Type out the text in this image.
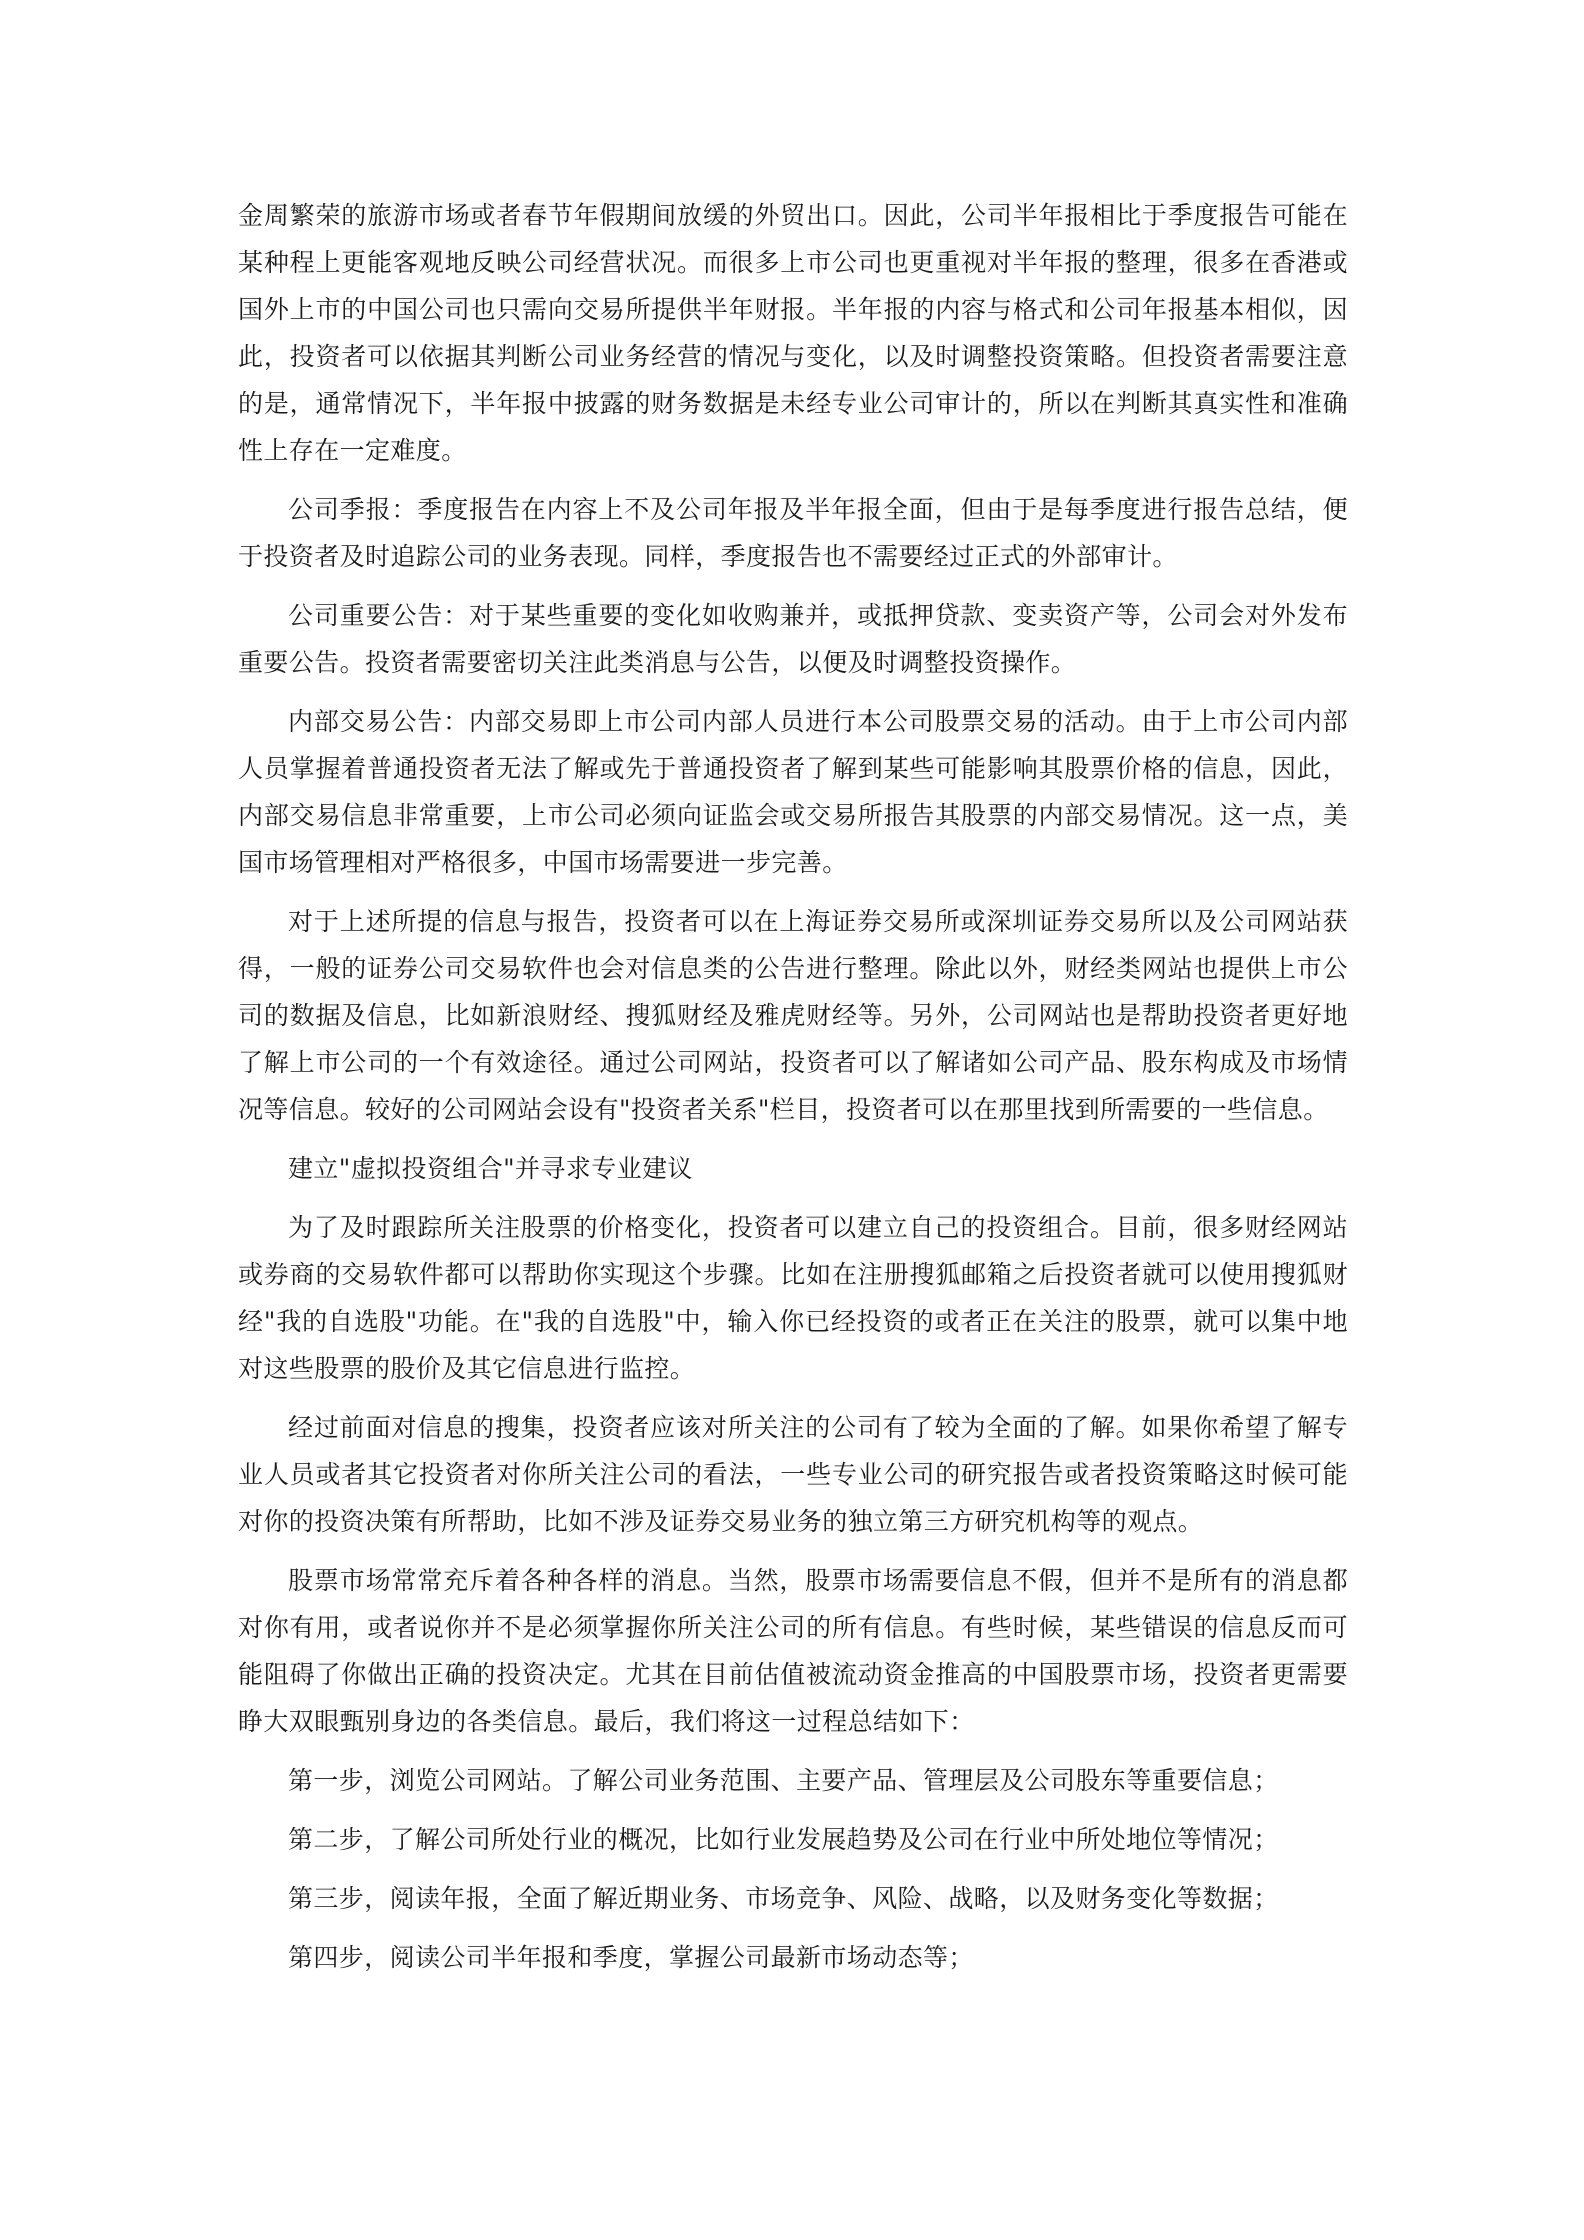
金周繁荣的旅游市场或者春节年假期间放缓的外贸出口。因此，公司半年报相比于季度报告可能在某种程上更能客观地反映公司经营状况。而很多上市公司也更重视对半年报的整理，很多在香港或国外上市的中国公司也只需向交易所提供半年财报。半年报的内容与格式和公司年报基本相似，因此，投资者可以依据其判断公司业务经营的情况与变化，以及时调整投资策略。但投资者需要注意的是，通常情况下，半年报中披露的财务数据是未经专业公司审计的，所以在判断其真实性和准确性上存在一定难度。

公司季报：季度报告在内容上不及公司年报及半年报全面，但由于是每季度进行报告总结，便于投资者及时追踪公司的业务表现。同样，季度报告也不需要经过正式的外部审计。

公司重要公告：对于某些重要的变化如收购兼并，或抵押贷款、变卖资产等，公司会对外发布重要公告。投资者需要密切关注此类消息与公告，以便及时调整投资操作。

内部交易公告：内部交易即上市公司内部人员进行本公司股票交易的活动。由于上市公司内部人员掌握着普通投资者无法了解或先于普通投资者了解到某些可能影响其股票价格的信息，因此，内部交易信息非常重要，上市公司必须向证监会或交易所报告其股票的内部交易情况。这一点，美国市场管理相对严格很多，中国市场需要进一步完善。

对于上述所提的信息与报告，投资者可以在上海证券交易所或深圳证券交易所以及公司网站获得，一般的证券公司交易软件也会对信息类的公告进行整理。除此以外，财经类网站也提供上市公司的数据及信息，比如新浪财经、搜狐财经及雅虎财经等。另外，公司网站也是帮助投资者更好地了解上市公司的一个有效途径。通过公司网站，投资者可以了解诸如公司产品、股东构成及市场情况等信息。较好的公司网站会设有"投资者关系"栏目，投资者可以在那里找到所需要的一些信息。

建立"虚拟投资组合"并寻求专业建议

为了及时跟踪所关注股票的价格变化，投资者可以建立自己的投资组合。目前，很多财经网站或券商的交易软件都可以帮助你实现这个步骤。比如在注册搜狐邮箱之后投资者就可以使用搜狐财经"我的自选股"功能。在"我的自选股"中，输入你已经投资的或者正在关注的股票，就可以集中地对这些股票的股价及其它信息进行监控。

经过前面对信息的搜集，投资者应该对所关注的公司有了较为全面的了解。如果你希望了解专业人员或者其它投资者对你所关注公司的看法，一些专业公司的研究报告或者投资策略这时候可能对你的投资决策有所帮助，比如不涉及证券交易业务的独立第三方研究机构等的观点。

股票市场常常充斥着各种各样的消息。当然，股票市场需要信息不假，但并不是所有的消息都对你有用，或者说你并不是必须掌握你所关注公司的所有信息。有些时候，某些错误的信息反而可能阻碍了你做出正确的投资决定。尤其在目前估值被流动资金推高的中国股票市场，投资者更需要睁大双眼甄别身边的各类信息。最后，我们将这一过程总结如下：

第一步，浏览公司网站。了解公司业务范围、主要产品、管理层及公司股东等重要信息；

第二步，了解公司所处行业的概况，比如行业发展趋势及公司在行业中所处地位等情况；

第三步，阅读年报，全面了解近期业务、市场竞争、风险、战略，以及财务变化等数据；

第四步，阅读公司半年报和季度，掌握公司最新市场动态等；
